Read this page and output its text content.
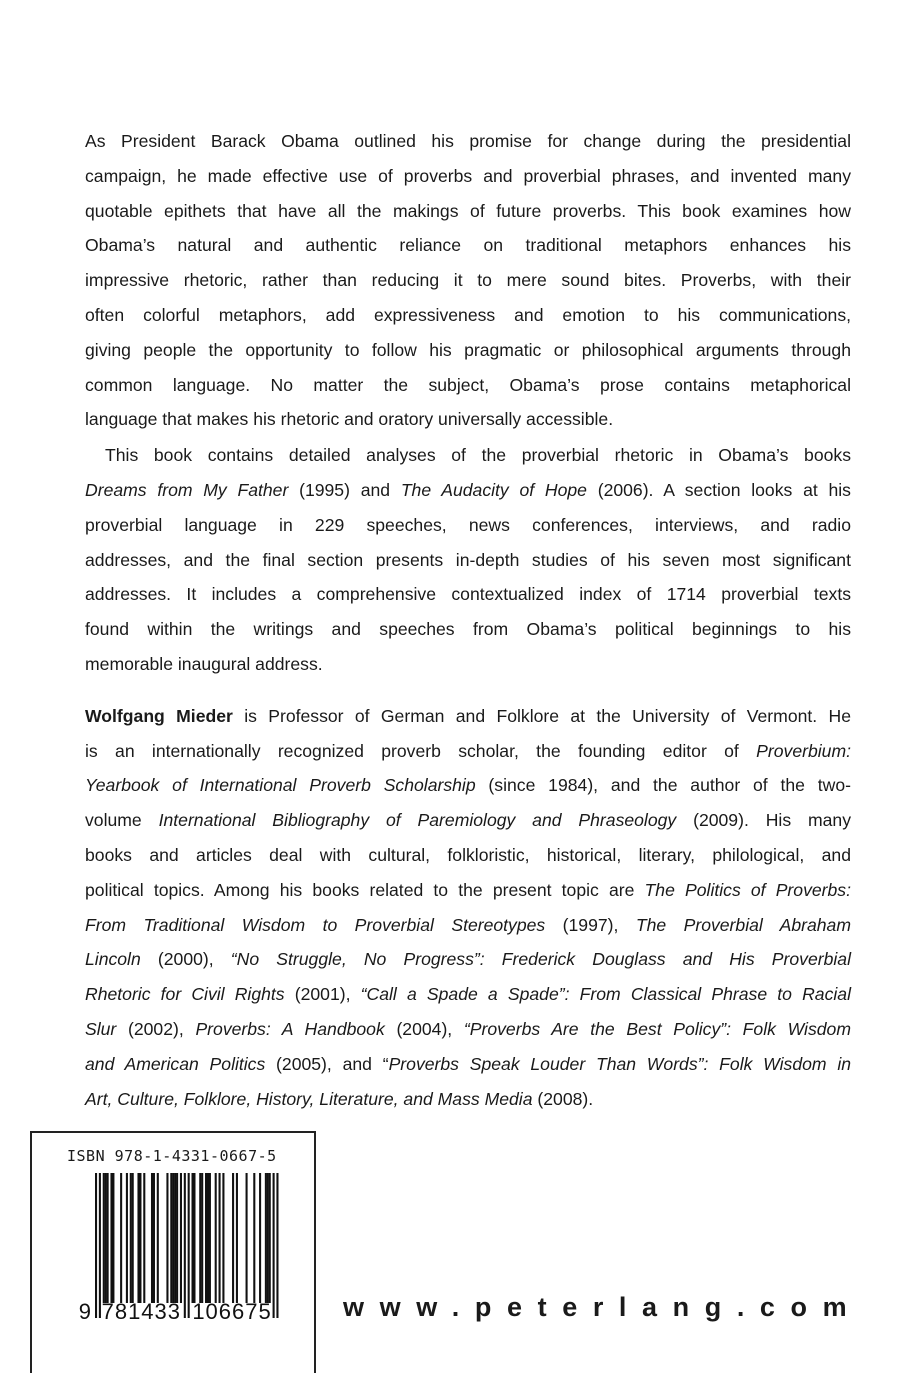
As President Barack Obama outlined his promise for change during the presidential
campaign, he made effective use of proverbs and proverbial phrases, and invented many
quotable epithets that have all the makings of future proverbs. This book examines how
Obama’s natural and authentic reliance on traditional metaphors enhances his
impressive rhetoric, rather than reducing it to mere sound bites. Proverbs, with their
often colorful metaphors, add expressiveness and emotion to his communications,
giving people the opportunity to follow his pragmatic or philosophical arguments through
common language. No matter the subject, Obama’s prose contains metaphorical
language that makes his rhetoric and oratory universally accessible.
This book contains detailed analyses of the proverbial rhetoric in Obama’s books
Dreams from My Father (1995) and The Audacity of Hope (2006). A section looks at his
proverbial language in 229 speeches, news conferences, interviews, and radio
addresses, and the final section presents in-depth studies of his seven most significant
addresses. It includes a comprehensive contextualized index of 1714 proverbial texts
found within the writings and speeches from Obama’s political beginnings to his
memorable inaugural address.
Wolfgang Mieder is Professor of German and Folklore at the University of Vermont. He
is an internationally recognized proverb scholar, the founding editor of Proverbium:
Yearbook of International Proverb Scholarship (since 1984), and the author of the two-
volume International Bibliography of Paremiology and Phraseology (2009). His many
books and articles deal with cultural, folkloristic, historical, literary, philological, and
political topics. Among his books related to the present topic are The Politics of Proverbs:
From Traditional Wisdom to Proverbial Stereotypes (1997), The Proverbial Abraham
Lincoln (2000), “No Struggle, No Progress”: Frederick Douglass and His Proverbial
Rhetoric for Civil Rights (2001), “Call a Spade a Spade”: From Classical Phrase to Racial
Slur (2002), Proverbs: A Handbook (2004), “Proverbs Are the Best Policy”: Folk Wisdom
and American Politics (2005), and “Proverbs Speak Louder Than Words”: Folk Wisdom in
Art, Culture, Folklore, History, Literature, and Mass Media (2008).
ISBN 978-1-4331-0667-5
9 781433 106675	www.peterlang.com
